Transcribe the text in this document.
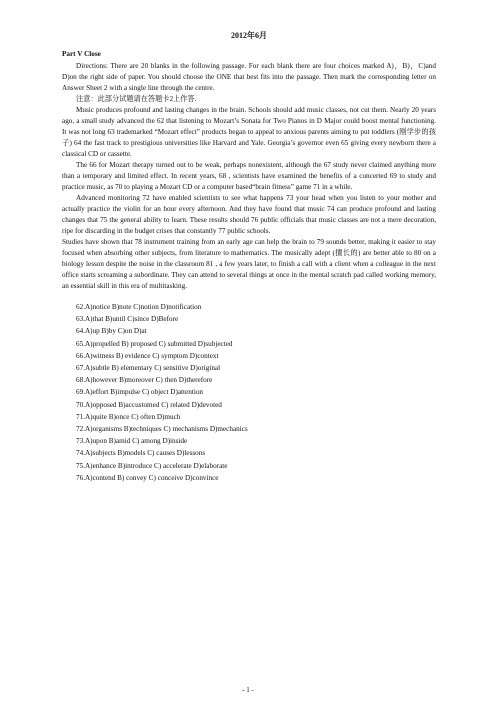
2012年6月
Part V Close

Directions: There are 20 blanks in the following passage. For each blank there are four choices marked A)，B)，C)and D)on the right side of paper. You should choose the ONE that best fits into the passage. Then mark the corresponding letter on Answer Sheet 2 with a single line through the centre.

注意：此部分试题请在答题卡2上作答.

Music produces profound and lasting changes in the brain. Schools should add music classes, not cut them. Nearly 20 years ago, a small study advanced the 62 that listening to Mozart’s Sonata for Two Pianos in D Major could boost mental functioning. It was not long 63 trademarked “Mozart effect” products began to appeal to anxious parents aiming to put toddlers (刚学步的孩子) 64 the fast track to prestigious universities like Harvard and Yale. Georgia’s governor even 65 giving every newborn there a classical CD or cassette.

The 66 for Mozart therapy turned out to be weak, perhaps nonexistent, although the 67 study never claimed anything more than a temporary and limited effect. In recent years, 68 , scientists have examined the benefits of a concerted 69 to study and practice music, as 70 to playing a Mozart CD or a computer based“brain fitness” game 71 in a while.

Advanced monitoring 72 have enabled scientists to see what happens 73 your head when you listen to your mother and actually practice the violin for an hour every afternoon. And they have found that music 74 can produce profound and lasting changes that 75 the general ability to learn. These results should 76 public officials that music classes are not a mere decoration, ripe for discarding in the budget crises that constantly 77 public schools.

Studies have shown that 78 instrument training from an early age can help the brain to 79 sounds better, making it easier to stay focused when absorbing other subjects, from literature to mathematics. The musically adept (擅长的) are better able to 80 on a biology lesson despite the noise in the classroom 81 , a few years later, to finish a call with a client when a colleague in the next office starts screaming a subordinate. They can attend to several things at once in the mental scratch pad called working memory, an essential skill in this era of multitasking.

62.A)notice B)note C)notion D)notification
63.A)that B)until C)since D)Before
64.A)up B)by C)on D)at
65.A)propelled B) proposed C) submitted D)subjected
66.A)witness B) evidence C) symptom D)context
67.A)subtle B) elementary C) sensitive D)original
68.A)however B)moreover C) then D)therefore
69.A)effort B)impulse C) object D)attention
70.A)opposed B)accustomed C) related D)devoted
71.A)quite B)once C) often D)much
72.A)organisms B)techniques C) mechanisms D)mechanics
73.A)upon B)amid C) among D)inside
74.A)subjects B)models C) causes D)lessons
75.A)enhance B)introduce C) accelerate D)elaborate
76.A)contend B) convey C) conceive D)convince
- 1 -
